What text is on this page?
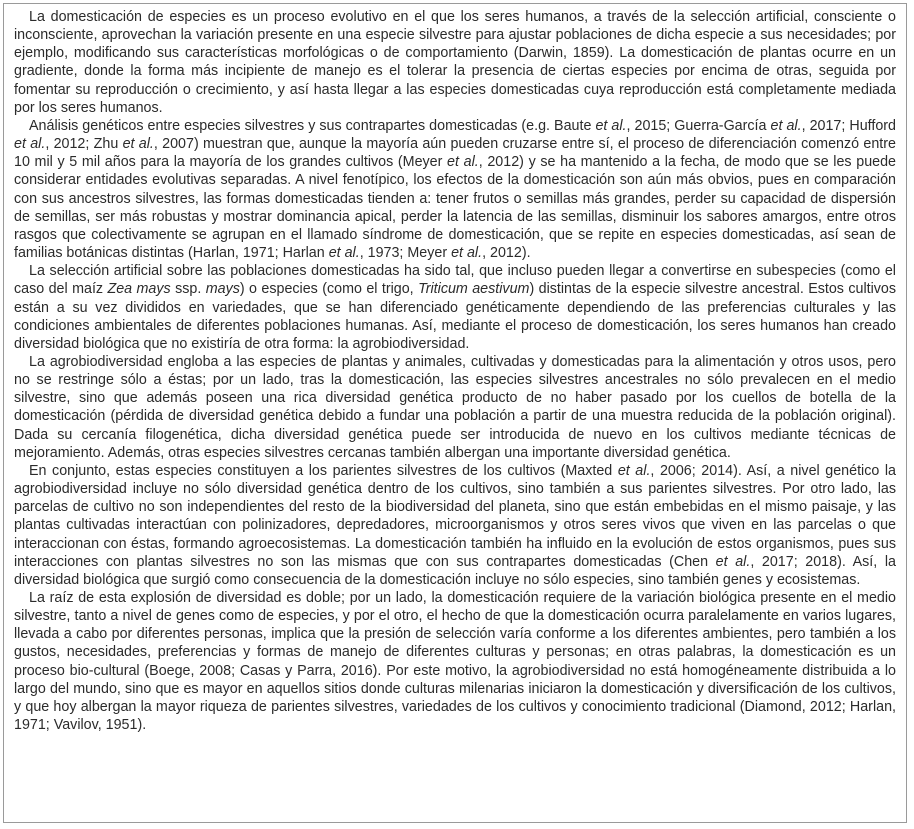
La domesticación de especies es un proceso evolutivo en el que los seres humanos, a través de la selección artificial, consciente o inconsciente, aprovechan la variación presente en una especie silvestre para ajustar poblaciones de dicha especie a sus necesidades; por ejemplo, modificando sus características morfológicas o de comportamiento (Darwin, 1859). La domesticación de plantas ocurre en un gradiente, donde la forma más incipiente de manejo es el tolerar la presencia de ciertas especies por encima de otras, seguida por fomentar su reproducción o crecimiento, y así hasta llegar a las especies domesticadas cuya reproducción está completamente mediada por los seres humanos.

Análisis genéticos entre especies silvestres y sus contrapartes domesticadas (e.g. Baute et al., 2015; Guerra-García et al., 2017; Hufford et al., 2012; Zhu et al., 2007) muestran que, aunque la mayoría aún pueden cruzarse entre sí, el proceso de diferenciación comenzó entre 10 mil y 5 mil años para la mayoría de los grandes cultivos (Meyer et al., 2012) y se ha mantenido a la fecha, de modo que se les puede considerar entidades evolutivas separadas. A nivel fenotípico, los efectos de la domesticación son aún más obvios, pues en comparación con sus ancestros silvestres, las formas domesticadas tienden a: tener frutos o semillas más grandes, perder su capacidad de dispersión de semillas, ser más robustas y mostrar dominancia apical, perder la latencia de las semillas, disminuir los sabores amargos, entre otros rasgos que colectivamente se agrupan en el llamado síndrome de domesticación, que se repite en especies domesticadas, así sean de familias botánicas distintas (Harlan, 1971; Harlan et al., 1973; Meyer et al., 2012).

La selección artificial sobre las poblaciones domesticadas ha sido tal, que incluso pueden llegar a convertirse en subespecies (como el caso del maíz Zea mays ssp. mays) o especies (como el trigo, Triticum aestivum) distintas de la especie silvestre ancestral. Estos cultivos están a su vez divididos en variedades, que se han diferenciado genéticamente dependiendo de las preferencias culturales y las condiciones ambientales de diferentes poblaciones humanas. Así, mediante el proceso de domesticación, los seres humanos han creado diversidad biológica que no existiría de otra forma: la agrobiodiversidad.

La agrobiodiversidad engloba a las especies de plantas y animales, cultivadas y domesticadas para la alimentación y otros usos, pero no se restringe sólo a éstas; por un lado, tras la domesticación, las especies silvestres ancestrales no sólo prevalecen en el medio silvestre, sino que además poseen una rica diversidad genética producto de no haber pasado por los cuellos de botella de la domesticación (pérdida de diversidad genética debido a fundar una población a partir de una muestra reducida de la población original). Dada su cercanía filogenética, dicha diversidad genética puede ser introducida de nuevo en los cultivos mediante técnicas de mejoramiento. Además, otras especies silvestres cercanas también albergan una importante diversidad genética.

En conjunto, estas especies constituyen a los parientes silvestres de los cultivos (Maxted et al., 2006; 2014). Así, a nivel genético la agrobiodiversidad incluye no sólo diversidad genética dentro de los cultivos, sino también a sus parientes silvestres. Por otro lado, las parcelas de cultivo no son independientes del resto de la biodiversidad del planeta, sino que están embebidas en el mismo paisaje, y las plantas cultivadas interactúan con polinizadores, depredadores, microorganismos y otros seres vivos que viven en las parcelas o que interaccionan con éstas, formando agroecosistemas. La domesticación también ha influido en la evolución de estos organismos, pues sus interacciones con plantas silvestres no son las mismas que con sus contrapartes domesticadas (Chen et al., 2017; 2018). Así, la diversidad biológica que surgió como consecuencia de la domesticación incluye no sólo especies, sino también genes y ecosistemas.

La raíz de esta explosión de diversidad es doble; por un lado, la domesticación requiere de la variación biológica presente en el medio silvestre, tanto a nivel de genes como de especies, y por el otro, el hecho de que la domesticación ocurra paralelamente en varios lugares, llevada a cabo por diferentes personas, implica que la presión de selección varía conforme a los diferentes ambientes, pero también a los gustos, necesidades, preferencias y formas de manejo de diferentes culturas y personas; en otras palabras, la domesticación es un proceso bio-cultural (Boege, 2008; Casas y Parra, 2016). Por este motivo, la agrobiodiversidad no está homogéneamente distribuida a lo largo del mundo, sino que es mayor en aquellos sitios donde culturas milenarias iniciaron la domesticación y diversificación de los cultivos, y que hoy albergan la mayor riqueza de parientes silvestres, variedades de los cultivos y conocimiento tradicional (Diamond, 2012; Harlan, 1971; Vavilov, 1951).
